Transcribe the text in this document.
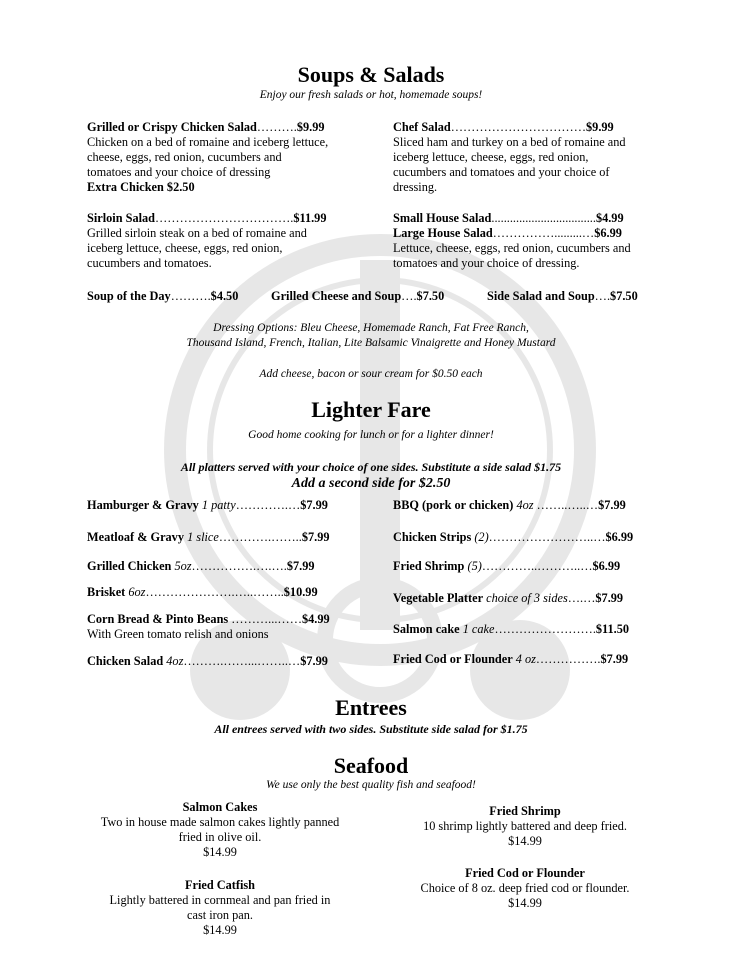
Soups & Salads
Enjoy our fresh salads or hot, homemade soups!
Grilled or Crispy Chicken Salad……….$9.99
Chicken on a bed of romaine and iceberg lettuce,
cheese, eggs, red onion, cucumbers and
tomatoes and your choice of dressing
Extra Chicken $2.50
Chef Salad……………………………$9.99
Sliced ham and turkey on a bed of romaine and
iceberg lettuce, cheese, eggs, red onion,
cucumbers and tomatoes and your choice of
dressing.
Sirloin Salad…………………………….$11.99
Grilled sirloin steak on a bed of romaine and
iceberg lettuce, cheese, eggs, red onion,
cucumbers and tomatoes.
Small House Salad..................................$4.99
Large House Salad…………….........…$6.99
Lettuce, cheese, eggs, red onion, cucumbers and
tomatoes and your choice of dressing.
Soup of the Day……….$4.50	Grilled Cheese and Soup….$7.50	Side Salad and Soup….$7.50
Dressing Options: Bleu Cheese, Homemade Ranch, Fat Free Ranch,
Thousand Island, French, Italian, Lite Balsamic Vinaigrette and Honey Mustard
Add cheese, bacon or sour cream for $0.50 each
Lighter Fare
Good home cooking for lunch or for a lighter dinner!
All platters served with your choice of one sides. Substitute a side salad $1.75
Add a second side for $2.50
Hamburger & Gravy 1 patty………….…$7.99
Meatloaf & Gravy 1 slice………….……..$7.99
Grilled Chicken 5oz…………….….….$7.99
Brisket 6oz………………….…..……..$10.99
Corn Bread & Pinto Beans ………...……$4.99
With Green tomato relish and onions
Chicken Salad 4oz……….……...……..…$7.99
BBQ (pork or chicken) 4oz ……..…..…$7.99
Chicken Strips (2)……………………..…$6.99
Fried Shrimp (5)…………..………..…$6.99
Vegetable Platter choice of 3 sides….…$7.99
Salmon cake 1 cake…………………….$11.50
Fried Cod or Flounder 4 oz…………….$7.99
Entrees
All entrees served with two sides. Substitute side salad for $1.75
Seafood
We use only the best quality fish and seafood!
Salmon Cakes
Two in house made salmon cakes lightly panned
fried in olive oil.
$14.99
Fried Catfish
Lightly battered in cornmeal and pan fried in
cast iron pan.
$14.99
Fried Shrimp
10 shrimp lightly battered and deep fried.
$14.99
Fried Cod or Flounder
Choice of 8 oz. deep fried cod or flounder.
$14.99
